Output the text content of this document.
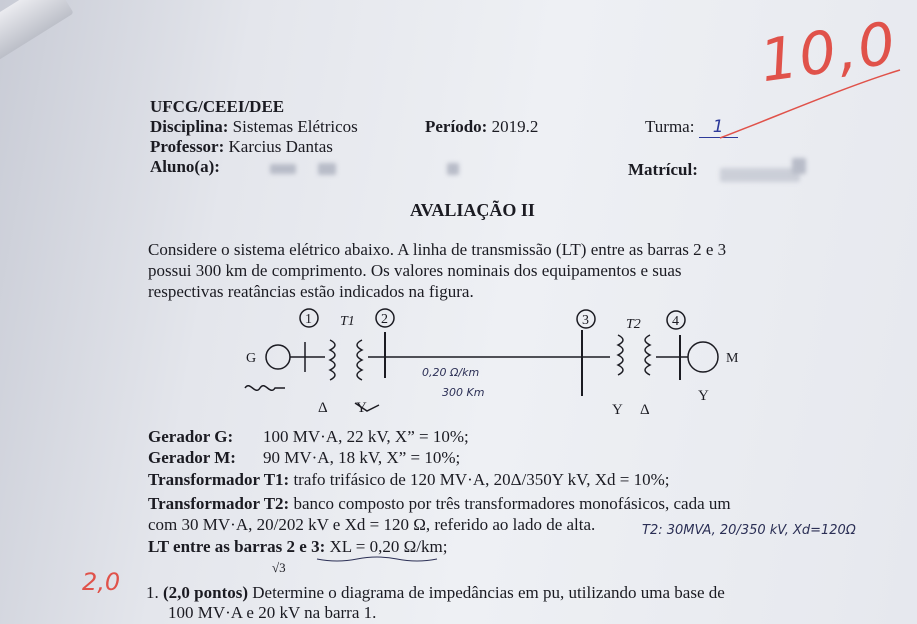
10,0
UFCG/CEEI/DEE
Disciplina: Sistemas Elétricos	Período: 2019.2	Turma: 1
Professor: Karcius Dantas
Aluno(a):	Matrícul:
AVALIAÇÃO II
Considere o sistema elétrico abaixo. A linha de transmissão (LT) entre as barras 2 e 3
possui 300 km de comprimento. Os valores nominais dos equipamentos e suas
respectivas reatâncias estão indicados na figura.
1	2	3	4
T1	T2
G	M
0,20 Ω/km
300 Km
Δ Y	Y Δ
Y
Gerador G: 100 MV·A, 22 kV, X” = 10%;
Gerador M: 90 MV·A, 18 kV, X” = 10%;
Transformador T1: trafo trifásico de 120 MV·A, 20Δ/350Y kV, Xd = 10%;
Transformador T2: banco composto por três transformadores monofásicos, cada um
com 30 MV·A, 20/202 kV e Xd = 120 Ω, referido ao lado de alta.	T2: 30MVA, 20/350 kV, Xd=120Ω
LT entre as barras 2 e 3: XL = 0,20 Ω/km;
√3
2,0 1. (2,0 pontos) Determine o diagrama de impedâncias em pu, utilizando uma base de
100 MV·A e 20 kV na barra 1.
